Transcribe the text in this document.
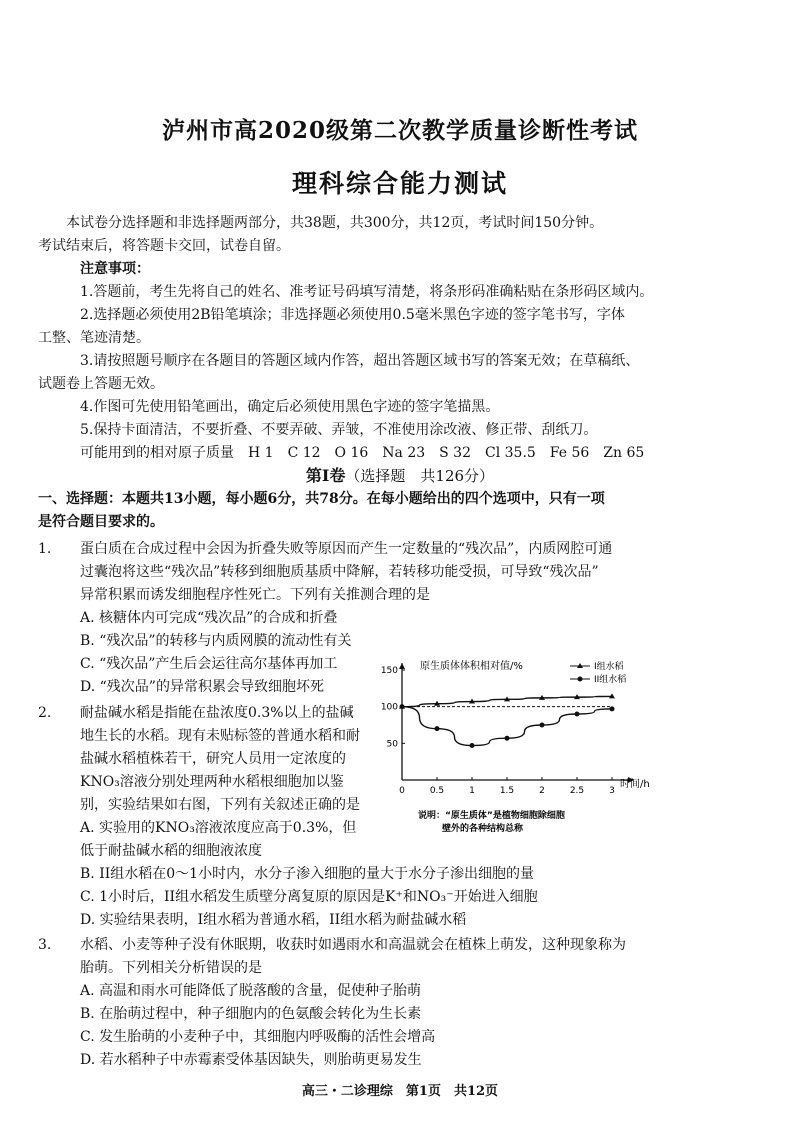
泸州市高2020级第二次教学质量诊断性考试
理科综合能力测试
本试卷分选择题和非选择题两部分，共38题，共300分，共12页，考试时间150分钟。
考试结束后，将答题卡交回，试卷自留。
注意事项：
1.答题前，考生先将自己的姓名、准考证号码填写清楚，将条形码准确粘贴在条形码区域内。
2.选择题必须使用2B铅笔填涂；非选择题必须使用0.5毫米黑色字迹的签字笔书写，字体
工整、笔迹清楚。
3.请按照题号顺序在各题目的答题区域内作答，超出答题区域书写的答案无效；在草稿纸、
试题卷上答题无效。
4.作图可先使用铅笔画出，确定后必须使用黑色字迹的签字笔描黑。
5.保持卡面清洁，不要折叠、不要弄破、弄皱，不准使用涂改液、修正带、刮纸刀。
可能用到的相对原子质量　H 1　C 12　O 16　Na 23　S 32　Cl 35.5　Fe 56　Zn 65
第Ⅰ卷（选择题　共126分）
一、选择题：本题共13小题，每小题6分，共78分。在每小题给出的四个选项中，只有一项
是符合题目要求的。
1. 蛋白质在合成过程中会因为折叠失败等原因而产生一定数量的“残次品”，内质网腔可通
过囊泡将这些“残次品”转移到细胞质基质中降解，若转移功能受损，可导致“残次品”
异常积累而诱发细胞程序性死亡。下列有关推测合理的是
A. 核糖体内可完成“残次品”的合成和折叠
B. “残次品”的转移与内质网膜的流动性有关
C. “残次品”产生后会运往高尔基体再加工
D. “残次品”的异常积累会导致细胞坏死
2. 耐盐碱水稻是指能在盐浓度0.3%以上的盐碱
地生长的水稻。现有未贴标签的普通水稻和耐
盐碱水稻植株若干，研究人员用一定浓度的
KNO₃溶液分别处理两种水稻根细胞加以鉴
别，实验结果如右图，下列有关叙述正确的是
A. 实验用的KNO₃溶液浓度应高于0.3%，但
低于耐盐碱水稻的细胞液浓度
B. II组水稻在0～1小时内，水分子渗入细胞的量大于水分子渗出细胞的量
C. 1小时后，II组水稻发生质壁分离复原的原因是K⁺和NO₃⁻开始进入细胞
D. 实验结果表明，I组水稻为普通水稻，II组水稻为耐盐碱水稻
3. 水稻、小麦等种子没有休眠期，收获时如遇雨水和高温就会在植株上萌发，这种现象称为
胎萌。下列相关分析错误的是
A. 高温和雨水可能降低了脱落酸的含量，促使种子胎萌
B. 在胎萌过程中，种子细胞内的色氨酸会转化为生长素
C. 发生胎萌的小麦种子中，其细胞内呼吸酶的活性会增高
D. 若水稻种子中赤霉素受体基因缺失，则胎萌更易发生
高三・二诊理综　第1页　共12页
0	0.5	1	1.5	2	2.5	3
50
100
150 原生质体体积相对值/%
时间/h
I组水稻
II组水稻
说明：“原生质体”是植物细胞除细胞
壁外的各种结构总称
